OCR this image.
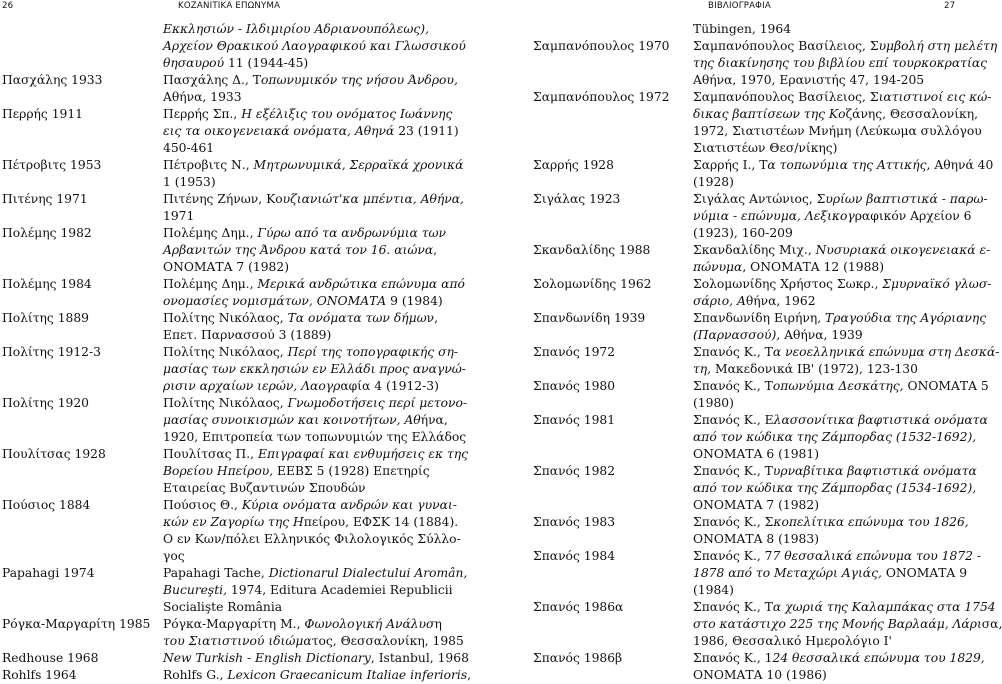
26	ΚΟΖΑΝΙΤΙΚΑ ΕΠΩΝΥΜΑ	ΒΙΒΛΙΟΓΡΑΦΙΑ	27
Εκκλησιών - Ιλδιμιρίου Αδριανουπόλεως),
Αρχείον Θρακικού Λαογραφικού και Γλωσσικού
θησαυρού 11 (1944-45)
Πασχάλης 1933	Πασχάλης Δ., Τοπωνυμικόν της νήσου Άνδρου,
Αθήνα, 1933
Περρής 1911	Περρής Σπ., Η εξέλιξις του ονόματος Ιωάννης
εις τα οικογενειακά ονόματα, Αθηνά 23 (1911)
450-461
Πέτροβιτς 1953	Πέτροβιτς Ν., Μητρωνυμικά, Σερραϊκά χρονικά
1 (1953)
Πιτένης 1971	Πιτένης Ζήνων, Κουζιανιώτ'κα μπέντια, Αθήνα,
1971
Πολέμης 1982	Πολέμης Δημ., Γύρω από τα ανδρωνύμια των
Αρβανιτών της Άνδρου κατά τον 16. αιώνα,
ΟΝΟΜΑΤΑ 7 (1982)
Πολέμης 1984	Πολέμης Δημ., Μερικά ανδρώτικα επώνυμα από
ονομασίες νομισμάτων, ΟΝΟΜΑΤΑ 9 (1984)
Πολίτης 1889	Πολίτης Νικόλαος, Τα ονόματα των δήμων,
Επετ. Παρνασσού 3 (1889)
Πολίτης 1912-3	Πολίτης Νικόλαος, Περί της τοπογραφικής ση-
μασίας των εκκλησιών εν Ελλάδι προς αναγνώ-
ρισιν αρχαίων ιερών, Λαογραφία 4 (1912-3)
Πολίτης 1920	Πολίτης Νικόλαος, Γνωμοδοτήσεις περί μετονο-
μασίας συνοικισμών και κοινοτήτων, Αθήνα,
1920, Επιτροπεία των τοπωνυμιών της Ελλάδος
Πουλίτσας 1928	Πουλίτσας Π., Επιγραφαί και ενθυμήσεις εκ της
Βορείου Ηπείρου, ΕΕΒΣ 5 (1928) Επετηρίς
Εταιρείας Βυζαντινών Σπουδών
Πούσιος 1884	Πούσιος Θ., Κύρια ονόματα ανδρών και γυναι-
κών εν Ζαγορίω της Ηπείρου, ΕΦΣΚ 14 (1884).
Ο εν Κων/πόλει Ελληνικός Φιλολογικός Σύλλο-
γος
Papahagi 1974	Papahagi Tache, Dictionarul Dialectului Aromân,
Bucureşti, 1974, Editura Academiei Republicii
Socialişte România
Ρόγκα-Μαργαρίτη 1985 Ρόγκα-Μαργαρίτη Μ., Φωνολογική Ανάλυση
του Σιατιστινού ιδιώματος, Θεσσαλονίκη, 1985
Redhouse 1968	New Turkish - English Dictionary, Istanbul, 1968
Rohlfs 1964	Rohlfs G., Lexicon Graecanicum Italiae inferioris,
Tübingen, 1964
Σαμπανόπουλος 1970 Σαμπανόπουλος Βασίλειος, Συμβολή στη μελέτη
της διακίνησης του βιβλίου επί τουρκοκρατίας
Αθήνα, 1970, Ερανιστής 47, 194-205
Σαμπανόπουλος 1972 Σαμπανόπουλος Βασίλειος, Σιατιστινοί εις κώ-
δικας βαπτίσεων της Κοζάνης, Θεσσαλονίκη,
1972, Σιατιστέων Μνήμη (Λεύκωμα συλλόγου
Σιατιστέων Θεσ/νίκης)
Σαρρής 1928	Σαρρής Ι., Τα τοπωνύμια της Αττικής, Αθηνά 40
(1928)
Σιγάλας 1923	Σιγάλας Αντώνιος, Συρίων βαπτιστικά - παρω-
νύμια - επώνυμα, Λεξικογραφικόν Αρχείον 6
(1923), 160-209
Σκανδαλίδης 1988	Σκανδαλίδης Μιχ., Νυσυριακά οικογενειακά ε-
πώνυμα, ΟΝΟΜΑΤΑ 12 (1988)
Σολομωνίδης 1962	Σολομωνίδης Χρήστος Σωκρ., Σμυρναϊκό γλωσ-
σάριο, Αθήνα, 1962
Σπανδωνίδη 1939	Σπανδωνίδη Ειρήνη, Τραγούδια της Αγόριανης
(Παρνασσού), Αθήνα, 1939
Σπανός 1972	Σπανός Κ., Τα νεοελληνικά επώνυμα στη Δεσκά-
τη, Μακεδονικά ΙΒ' (1972), 123-130
Σπανός 1980	Σπανός Κ., Τοπωνύμια Δεσκάτης, ΟΝΟΜΑΤΑ 5
(1980)
Σπανός 1981	Σπανός Κ., Ελασσονίτικα βαφτιστικά ονόματα
από τον κώδικα της Ζάμπορδας (1532-1692),
ΟΝΟΜΑΤΑ 6 (1981)
Σπανός 1982	Σπανός Κ., Τυρναβίτικα βαφτιστικά ονόματα
από τον κώδικα της Ζάμπορδας (1534-1692),
ΟΝΟΜΑΤΑ 7 (1982)
Σπανός 1983	Σπανός Κ., Σκοπελίτικα επώνυμα του 1826,
ΟΝΟΜΑΤΑ 8 (1983)
Σπανός 1984	Σπανός Κ., 77 θεσσαλικά επώνυμα του 1872 -
1878 από το Μεταχώρι Αγιάς, ΟΝΟΜΑΤΑ 9
(1984)
Σπανός 1986α	Σπανός Κ., Τα χωριά της Καλαμπάκας στα 1754
στο κατάστιχο 225 της Μονής Βαρλαάμ, Λάρισα,
1986, Θεσσαλικό Ημερολόγιο Ι'
Σπανός 1986β	Σπανός Κ., 124 θεσσαλικά επώνυμα του 1829,
ΟΝΟΜΑΤΑ 10 (1986)
